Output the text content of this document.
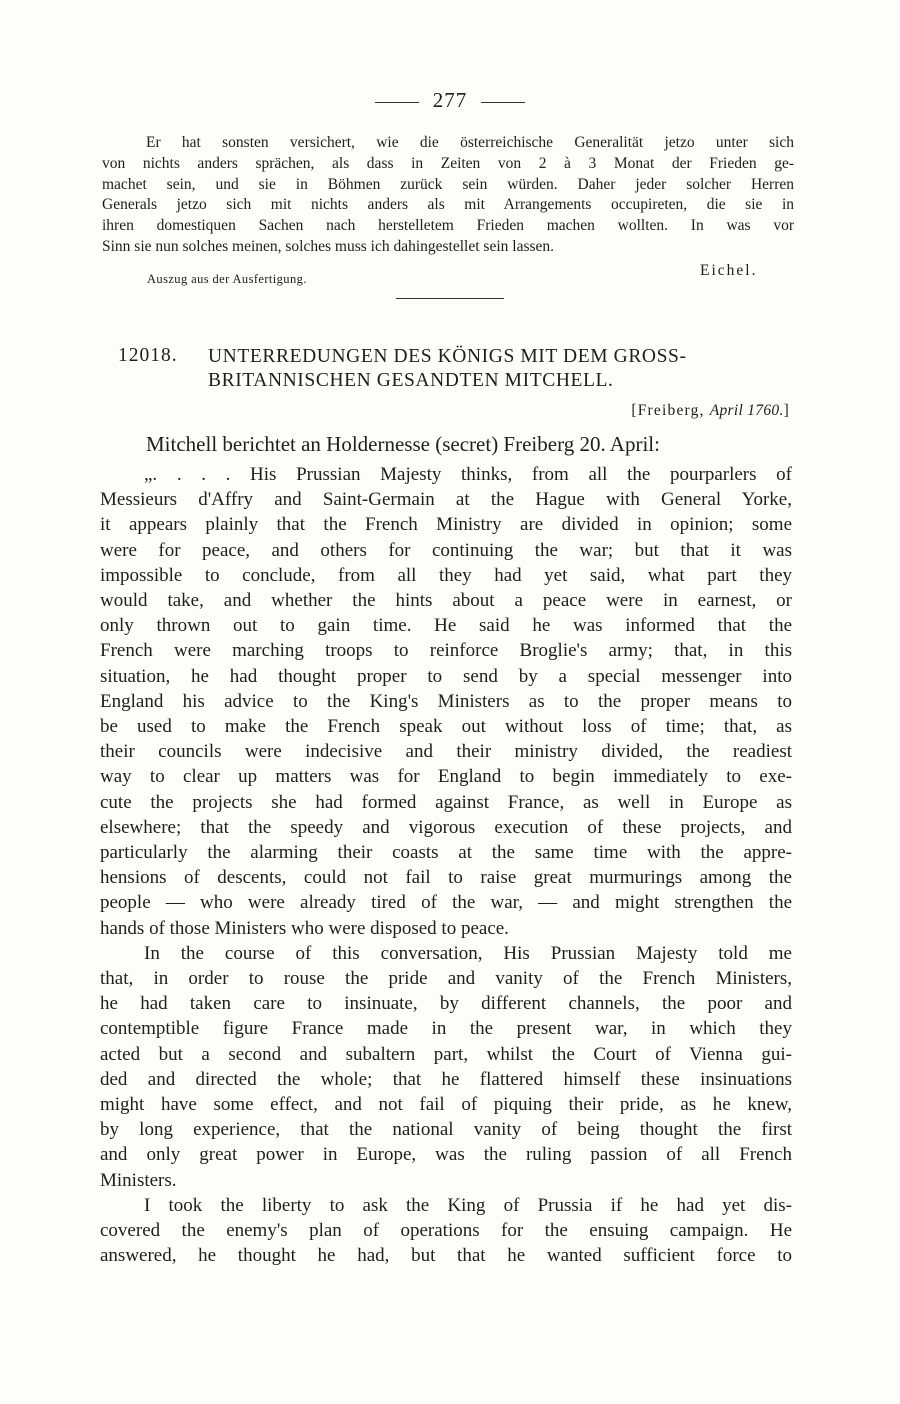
277
Er hat sonsten versichert, wie die österreichische Generalität jetzo unter sich
von nichts anders sprächen, als dass in Zeiten von 2 à 3 Monat der Frieden ge-
machet sein, und sie in Böhmen zurück sein würden. Daher jeder solcher Herren
Generals jetzo sich mit nichts anders als mit Arrangements occupireten, die sie in
ihren domestiquen Sachen nach herstelletem Frieden machen wollten. In was vor
Sinn sie nun solches meinen, solches muss ich dahingestellet sein lassen.
Eichel.
Auszug aus der Ausfertigung.
12018. UNTERREDUNGEN DES KÖNIGS MIT DEM GROSS-
BRITANNISCHEN GESANDTEN MITCHELL.
[Freiberg, April 1760.]
Mitchell berichtet an Holdernesse (secret) Freiberg 20. April:
„. . . . His Prussian Majesty thinks, from all the pourparlers of
Messieurs d'Affry and Saint-Germain at the Hague with General Yorke,
it appears plainly that the French Ministry are divided in opinion; some
were for peace, and others for continuing the war; but that it was
impossible to conclude, from all they had yet said, what part they
would take, and whether the hints about a peace were in earnest, or
only thrown out to gain time. He said he was informed that the
French were marching troops to reinforce Broglie's army; that, in this
situation, he had thought proper to send by a special messenger into
England his advice to the King's Ministers as to the proper means to
be used to make the French speak out without loss of time; that, as
their councils were indecisive and their ministry divided, the readiest
way to clear up matters was for England to begin immediately to exe-
cute the projects she had formed against France, as well in Europe as
elsewhere; that the speedy and vigorous execution of these projects, and
particularly the alarming their coasts at the same time with the appre-
hensions of descents, could not fail to raise great murmurings among the
people — who were already tired of the war, — and might strengthen the
hands of those Ministers who were disposed to peace.
In the course of this conversation, His Prussian Majesty told me
that, in order to rouse the pride and vanity of the French Ministers,
he had taken care to insinuate, by different channels, the poor and
contemptible figure France made in the present war, in which they
acted but a second and subaltern part, whilst the Court of Vienna gui-
ded and directed the whole; that he flattered himself these insinuations
might have some effect, and not fail of piquing their pride, as he knew,
by long experience, that the national vanity of being thought the first
and only great power in Europe, was the ruling passion of all French
Ministers.
I took the liberty to ask the King of Prussia if he had yet dis-
covered the enemy's plan of operations for the ensuing campaign. He
answered, he thought he had, but that he wanted sufficient force to
